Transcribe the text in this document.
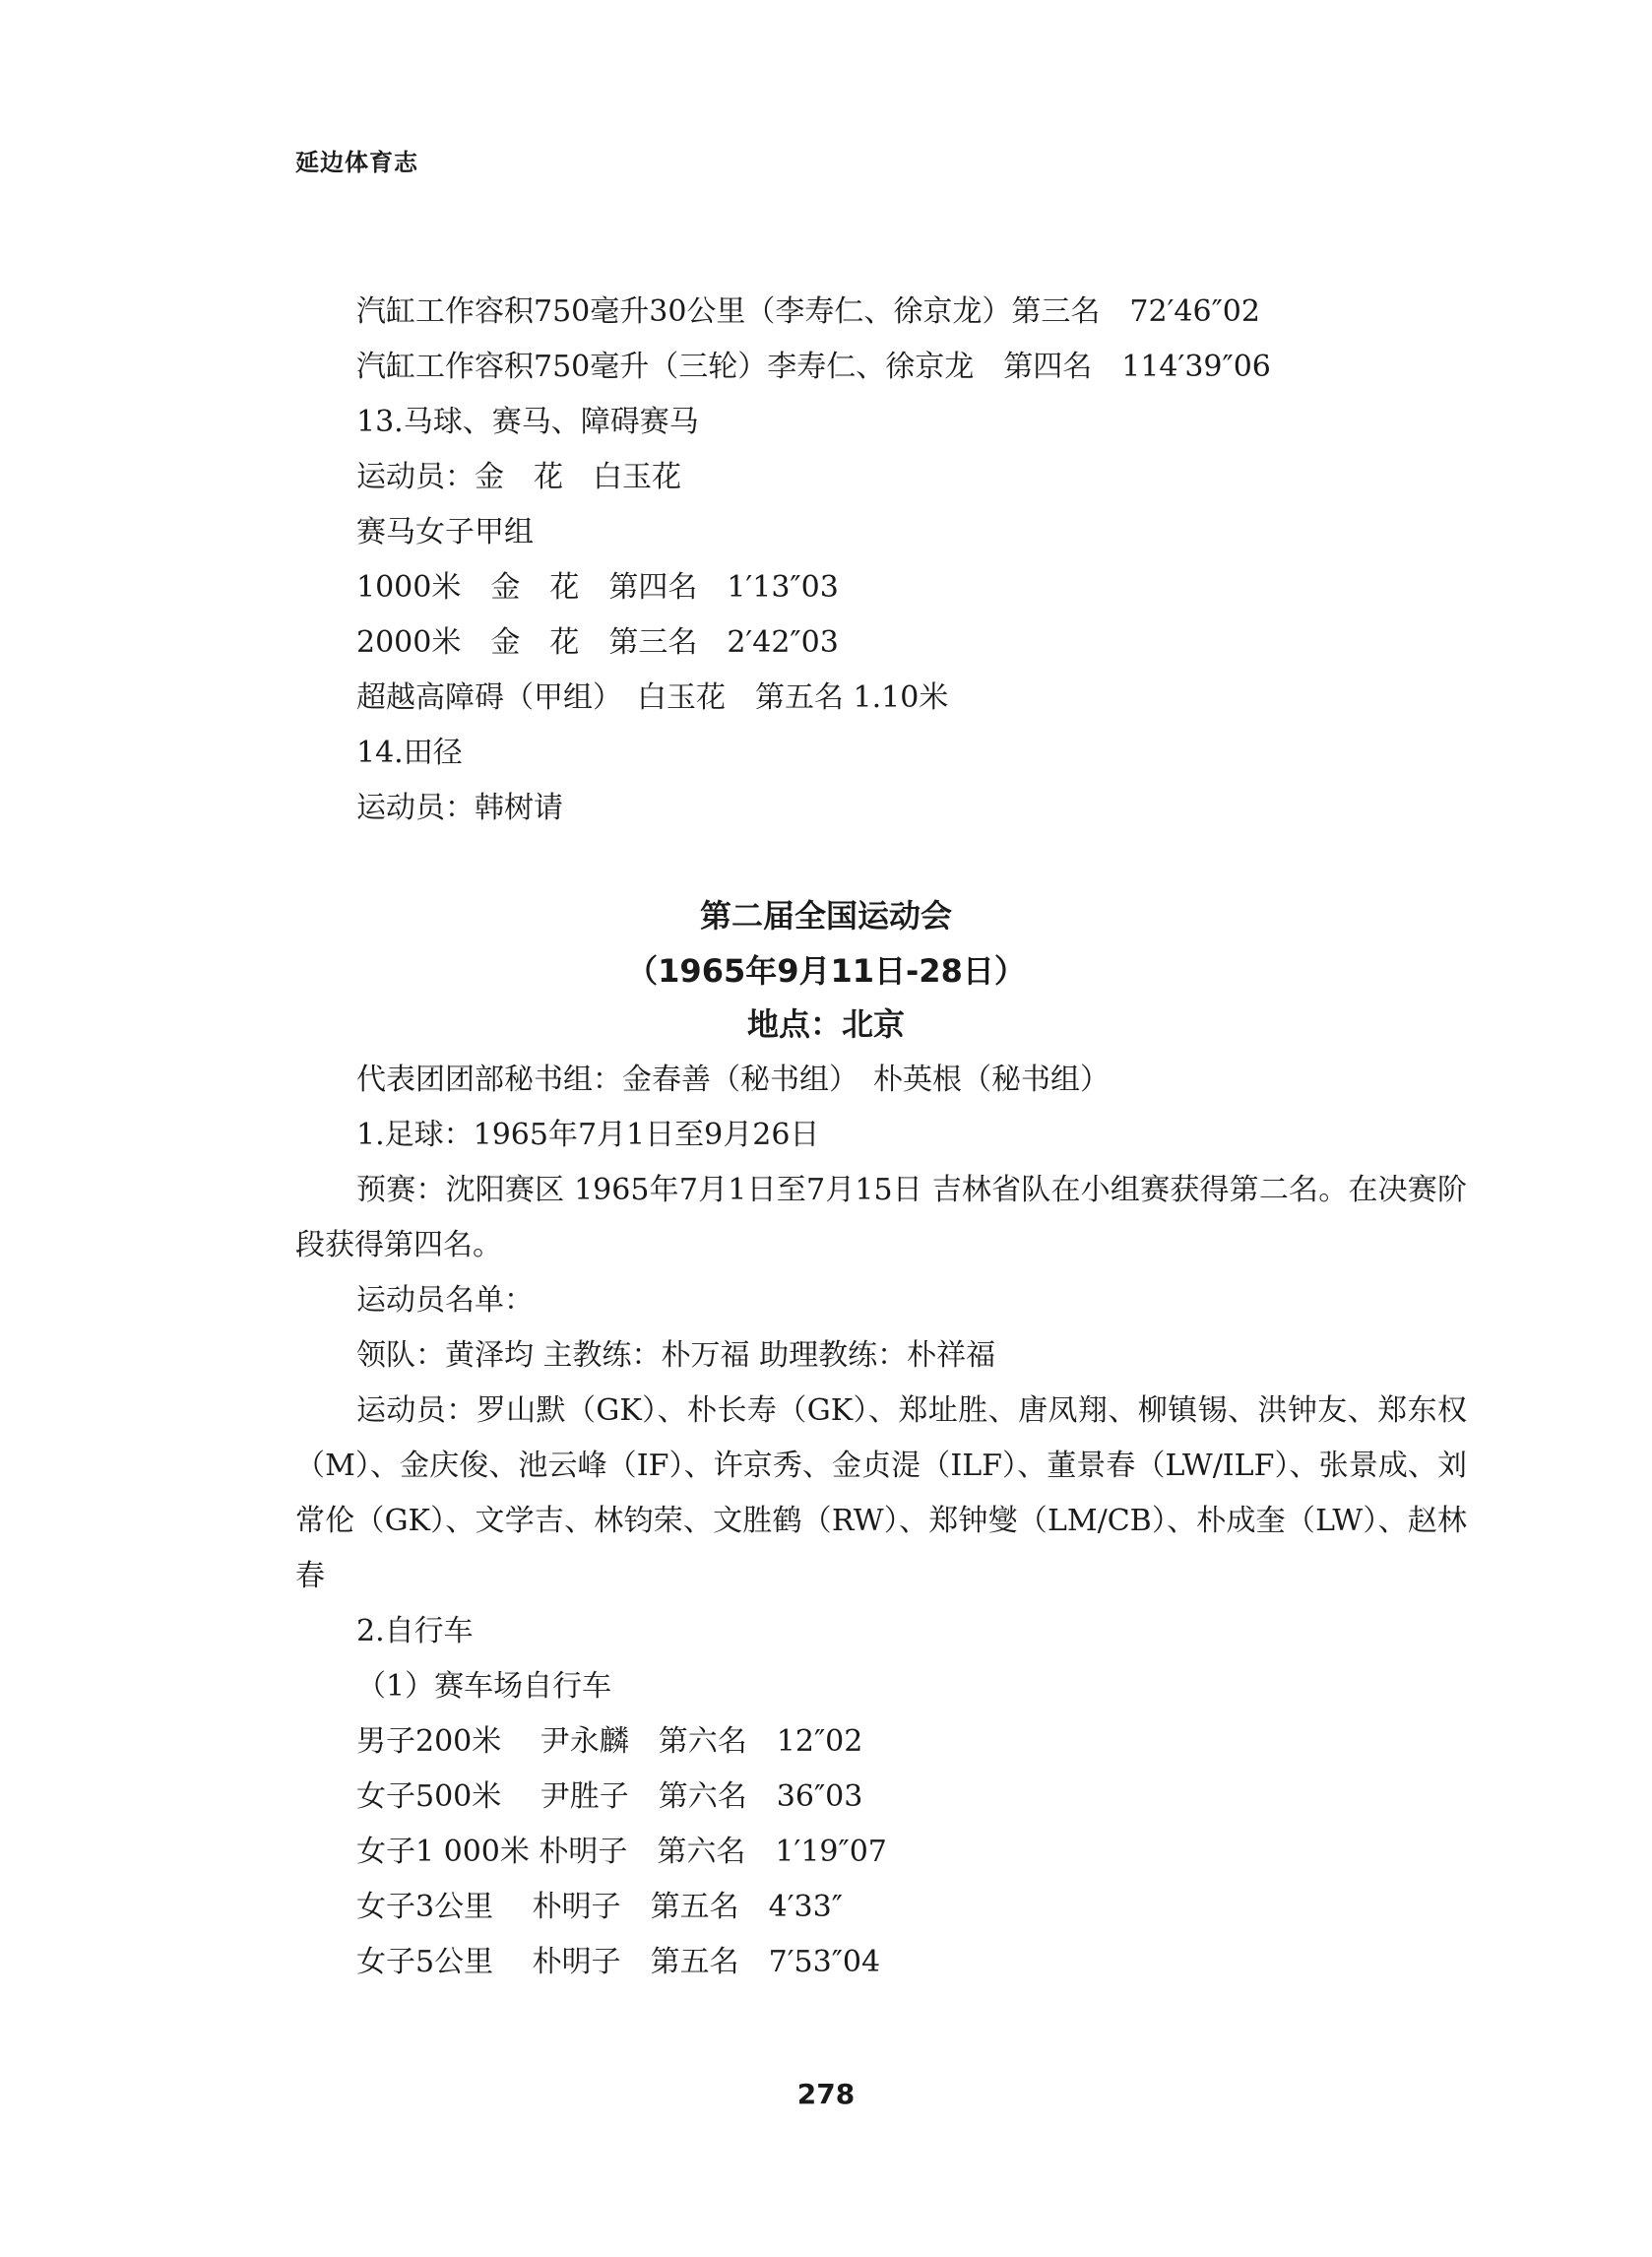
延边体育志
汽缸工作容积750毫升30公里（李寿仁、徐京龙）第三名　72′46″02
汽缸工作容积750毫升（三轮）李寿仁、徐京龙　第四名　114′39″06
13.马球、赛马、障碍赛马
运动员：金　花　白玉花
赛马女子甲组
1000米　金　花　第四名　1′13″03
2000米　金　花　第三名　2′42″03
超越高障碍（甲组）　白玉花　第五名 1.10米
14.田径
运动员：韩树请
第二届全国运动会
（1965年9月11日-28日）
地点：北京
代表团团部秘书组：金春善（秘书组）　朴英根（秘书组）
1.足球：1965年7月1日至9月26日
预赛：沈阳赛区 1965年7月1日至7月15日 吉林省队在小组赛获得第二名。在决赛阶段获得第四名。
运动员名单：
领队：黄泽均 主教练：朴万福 助理教练：朴祥福
运动员：罗山默（GK）、朴长寿（GK）、郑址胜、唐凤翔、柳镇锡、洪钟友、郑东权（M）、金庆俊、池云峰（IF）、许京秀、金贞湜（ILF）、董景春（LW/ILF）、张景成、刘常伦（GK）、文学吉、林钧荣、文胜鹤（RW）、郑钟燮（LM/CB）、朴成奎（LW）、赵林春
2.自行车
（1）赛车场自行车
男子200米　 尹永麟　第六名　12″02
女子500米　 尹胜子　第六名　36″03
女子1 000米 朴明子　第六名　1′19″07
女子3公里　 朴明子　第五名　4′33″
女子5公里　 朴明子　第五名　7′53″04
278
